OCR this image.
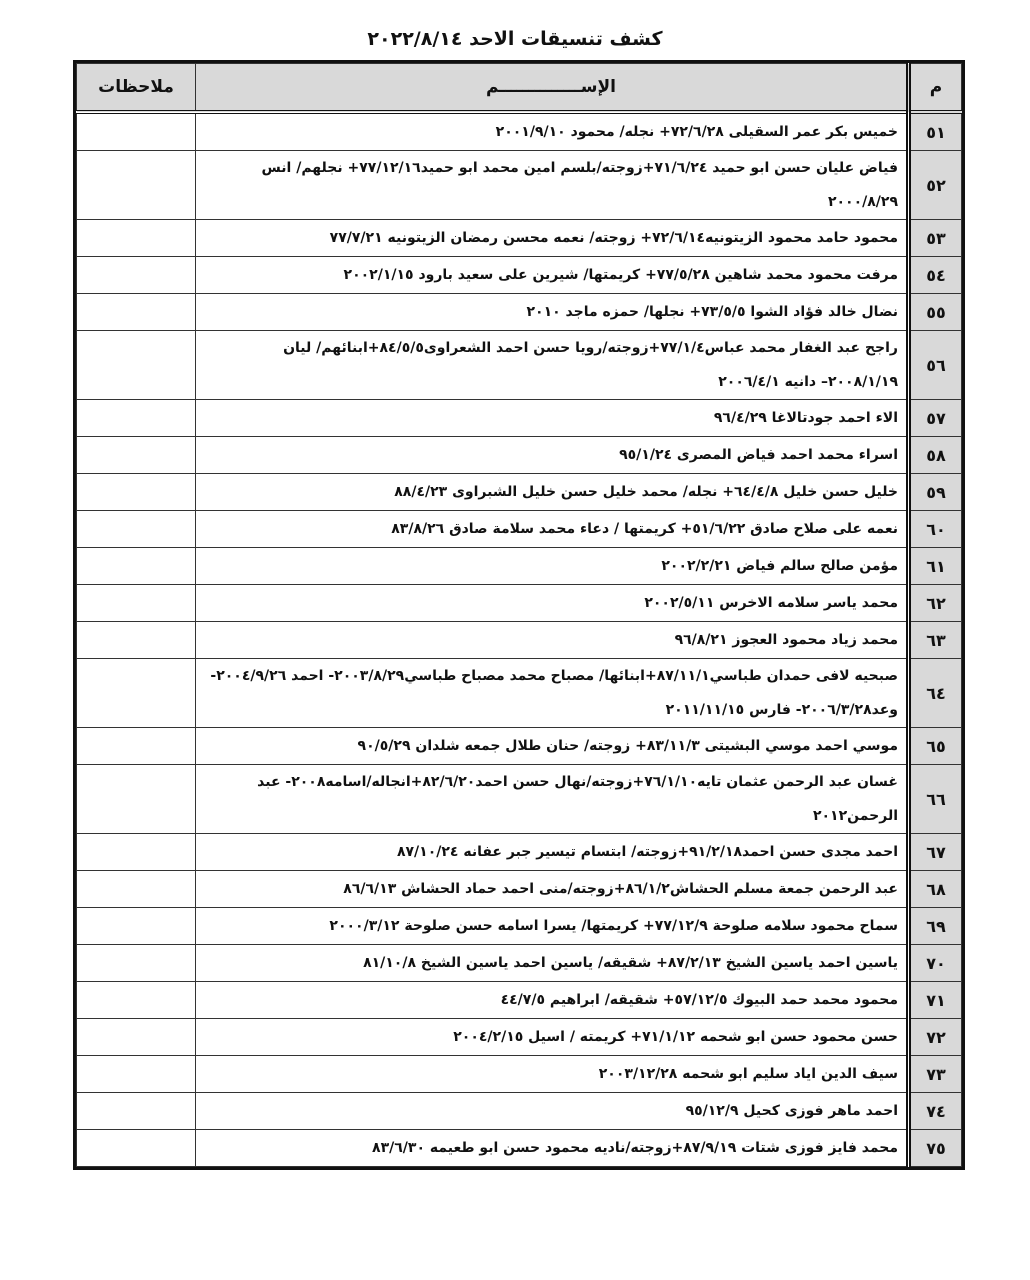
كشف تنسيقات الاحد ٢٠٢٢/٨/١٤
م	الإســــــــــــــم	ملاحظات
٥١	خميس بكر عمر السقيلى ٧٢/٦/٢٨+ نجله/ محمود ٢٠٠١/٩/١٠	
٥٢	فياض عليان حسن ابو حميد ٧١/٦/٢٤+زوجته/بلسم امين محمد ابو حميد٧٧/١٢/١٦+ نجلهم/ انس ٢٠٠٠/٨/٢٩	
٥٣	محمود حامد محمود الزيتونيه٧٢/٦/١٤+ زوجته/ نعمه محسن رمضان الزيتونيه ٧٧/٧/٢١	
٥٤	مرفت محمود محمد شاهين ٧٧/٥/٢٨+ كريمتها/ شيرين على سعيد بارود ٢٠٠٢/١/١٥	
٥٥	نضال خالد فؤاد الشوا ٧٣/٥/٥+ نجلها/ حمزه ماجد ٢٠١٠	
٥٦	راجح عبد الغفار محمد عباس٧٧/١/٤+زوجته/رويا حسن احمد الشعراوى٨٤/٥/٥+ابنائهم/ ليان ٢٠٠٨/١/١٩– دانيه ٢٠٠٦/٤/١	
٥٧	الاء احمد جودتالاغا ٩٦/٤/٢٩	
٥٨	اسراء محمد احمد فياض المصرى ٩٥/١/٢٤	
٥٩	خليل حسن خليل ٦٤/٤/٨+ نجله/ محمد خليل حسن خليل الشبراوى ٨٨/٤/٢٣	
٦٠	نعمه على صلاح صادق ٥١/٦/٢٢+ كريمتها / دعاء محمد سلامة صادق ٨٣/٨/٢٦	
٦١	مؤمن صالح سالم فياض ٢٠٠٢/٢/٢١	
٦٢	محمد ياسر سلامه الاخرس ٢٠٠٢/٥/١١	
٦٣	محمد زياد محمود العجوز ٩٦/٨/٢١	
٦٤	صبحيه لافى حمدان طباسي٨٧/١١/١+ابنائها/ مصباح محمد مصباح طباسي٢٠٠٣/٨/٢٩- احمد ٢٠٠٤/٩/٢٦- وعد٢٠٠٦/٣/٢٨- فارس ٢٠١١/١١/١٥	
٦٥	موسي احمد موسي البشيتى ٨٣/١١/٣+ زوجته/ حنان طلال جمعه شلدان ٩٠/٥/٢٩	
٦٦	غسان عبد الرحمن عثمان تايه٧٦/١/١٠+زوجته/نهال حسن احمد٨٢/٦/٢٠+انجاله/اسامه٢٠٠٨- عبد الرحمن٢٠١٢	
٦٧	احمد مجدى حسن احمد٩١/٢/١٨+زوجته/ ابتسام تيسير جبر عفانه ٨٧/١٠/٢٤	
٦٨	عبد الرحمن جمعة مسلم الحشاش٨٦/١/٢+زوجته/منى احمد حماد الحشاش ٨٦/٦/١٣	
٦٩	سماح محمود سلامه صلوحة ٧٧/١٢/٩+ كريمتها/ يسرا اسامه حسن صلوحة ٢٠٠٠/٣/١٢	
٧٠	ياسين احمد ياسين الشيخ ٨٧/٢/١٣+ شقيقه/ ياسين احمد ياسين الشيخ ٨١/١٠/٨	
٧١	محمود محمد حمد البيوك ٥٧/١٢/٥+ شقيقه/ ابراهيم ٤٤/٧/٥	
٧٢	حسن محمود حسن ابو شحمه ٧١/١/١٢+ كريمته / اسيل ٢٠٠٤/٢/١٥	
٧٣	سيف الدين اياد سليم ابو شحمه ٢٠٠٣/١٢/٢٨	
٧٤	احمد ماهر فوزى كحيل ٩٥/١٢/٩	
٧٥	محمد فايز فوزى شتات ٨٧/٩/١٩+زوجته/ناديه محمود حسن ابو طعيمه ٨٣/٦/٣٠	
